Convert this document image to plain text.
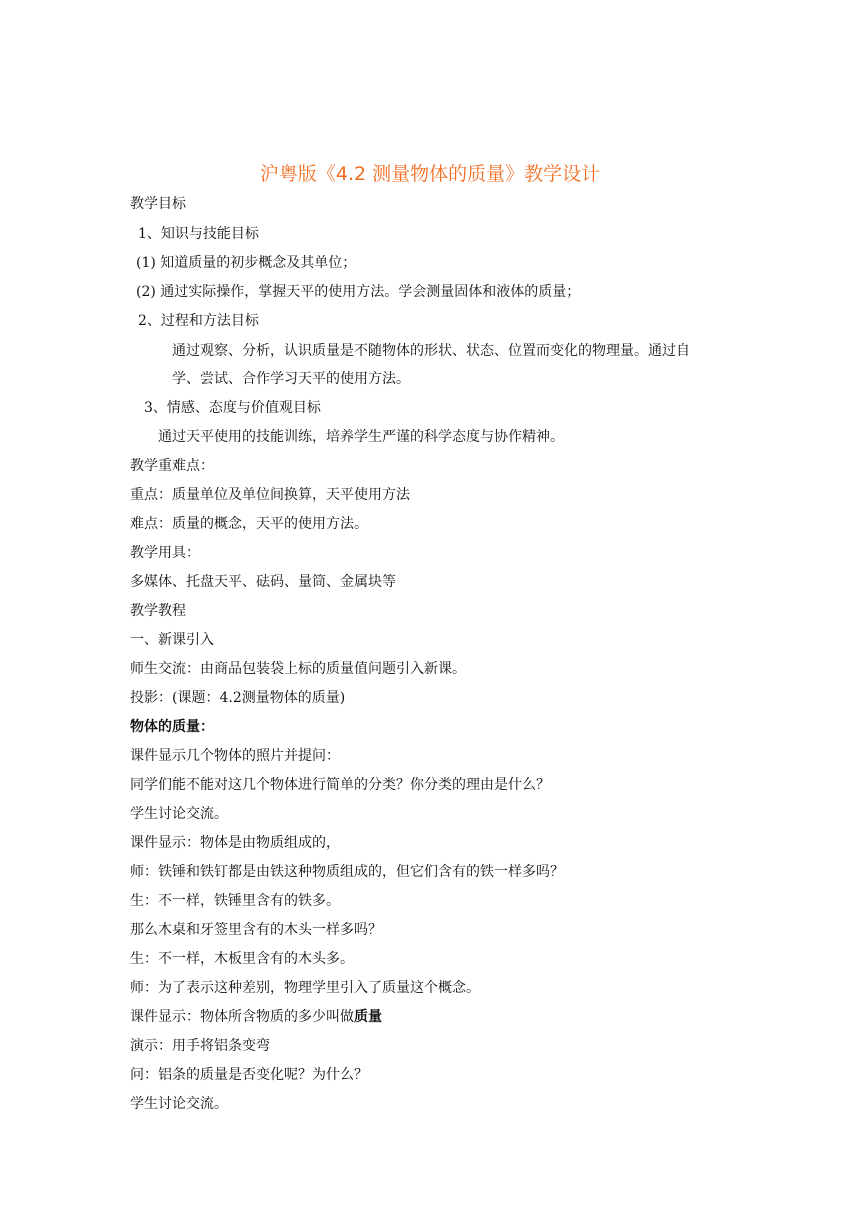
沪粤版《4.2 测量物体的质量》教学设计
教学目标
1、知识与技能目标
(1) 知道质量的初步概念及其单位；
(2) 通过实际操作，掌握天平的使用方法。学会测量固体和液体的质量；
2、过程和方法目标
通过观察、分析，认识质量是不随物体的形状、状态、位置而变化的物理量。通过自
学、尝试、合作学习天平的使用方法。
3、情感、态度与价值观目标
通过天平使用的技能训练，培养学生严谨的科学态度与协作精神。
教学重难点：
重点：质量单位及单位间换算，天平使用方法
难点：质量的概念，天平的使用方法。
教学用具：
多媒体、托盘天平、砝码、量筒、金属块等
教学教程
一、新课引入
师生交流：由商品包装袋上标的质量值问题引入新课。
投影：(课题：4.2测量物体的质量)
物体的质量：
课件显示几个物体的照片并提问：
同学们能不能对这几个物体进行简单的分类？你分类的理由是什么？
学生讨论交流。
课件显示：物体是由物质组成的，
师：铁锤和铁钉都是由铁这种物质组成的，但它们含有的铁一样多吗？
生：不一样，铁锤里含有的铁多。
那么木桌和牙签里含有的木头一样多吗？
生：不一样，木板里含有的木头多。
师：为了表示这种差别，物理学里引入了质量这个概念。
课件显示：物体所含物质的多少叫做质量
演示：用手将铝条变弯
问：铝条的质量是否变化呢？为什么？
学生讨论交流。
